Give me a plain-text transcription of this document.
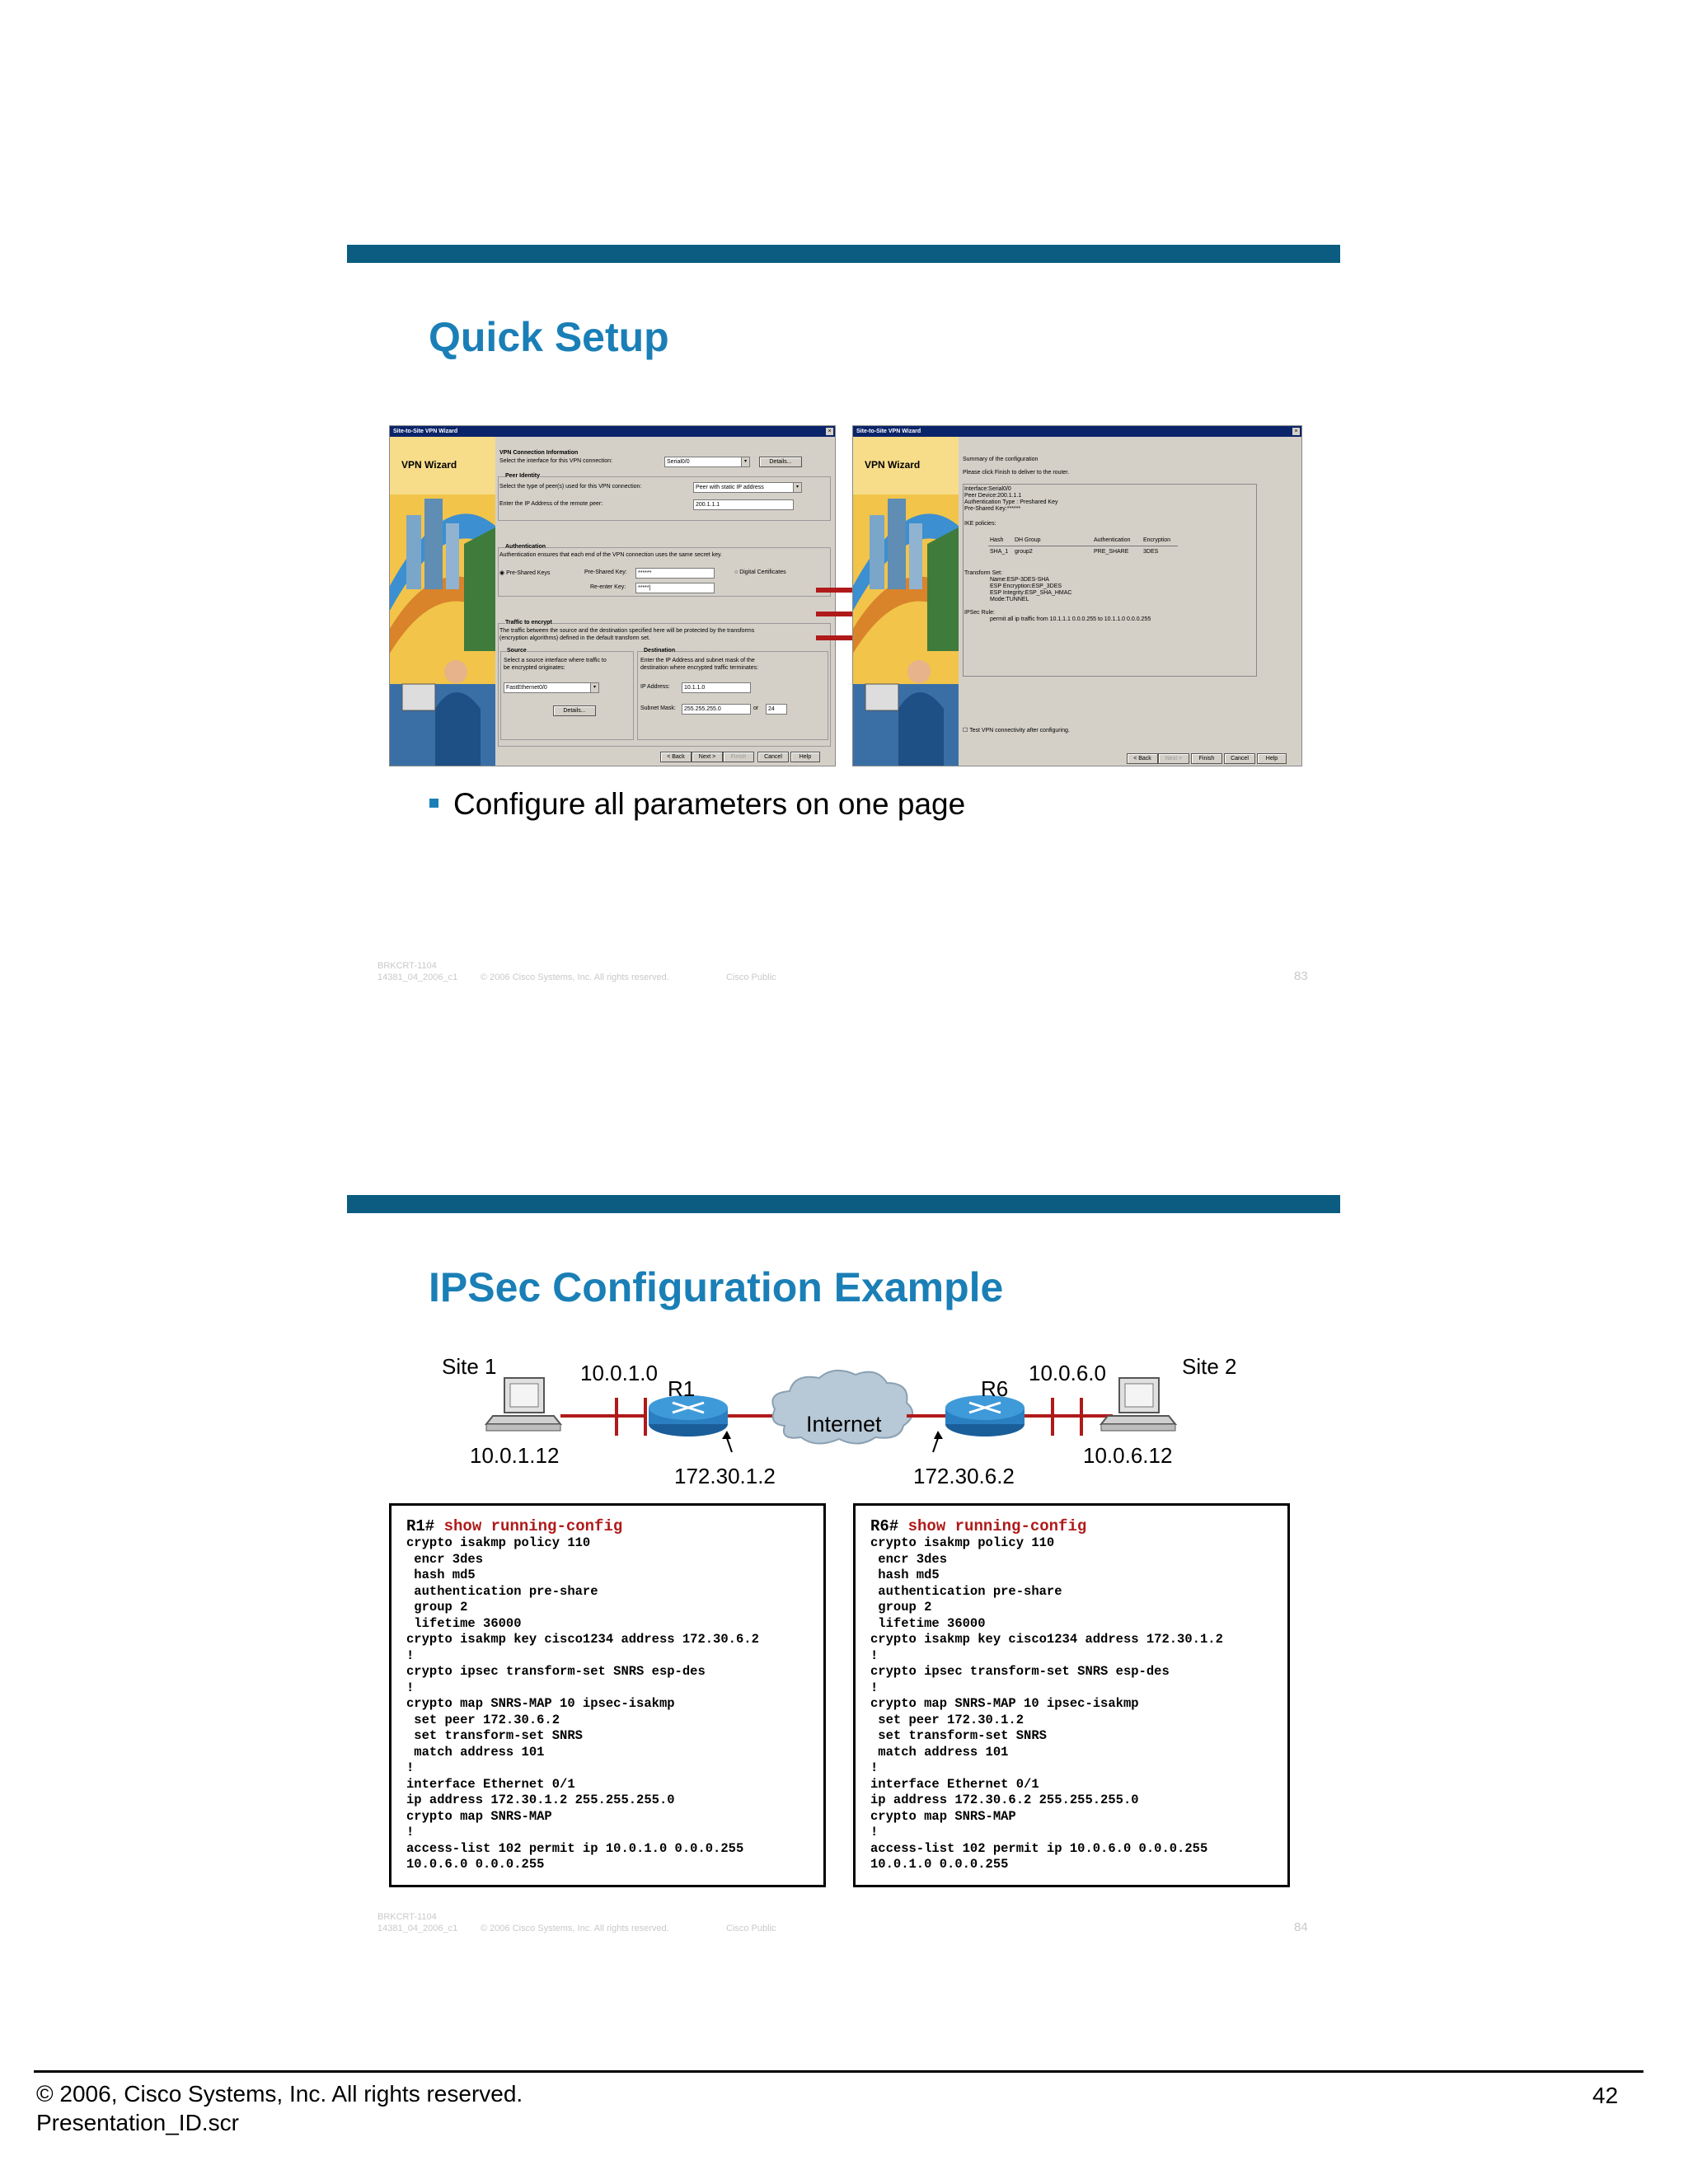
Quick Setup
Site-to-Site VPN Wizard	×
VPN Wizard
VPN Connection Information
Select the interface for this VPN connection:	Serial0/0	▾	Details...
Peer Identity
Select the type of peer(s) used for this VPN connection:	Peer with static IP address	▾
Enter the IP Address of the remote peer:	200.1.1.1
Authentication
Authentication ensures that each end of the VPN connection uses the same secret key.
◉ Pre-Shared Keys	Pre-Shared Key:	******	○ Digital Certificates
Re-enter Key:	*****|
Traffic to encrypt
The traffic between the source and the destination specified here will be protected by the transforms
(encryption algorithms) defined in the default transform set.
Source
Select a source interface where traffic to
be encrypted originates:
FastEthernet0/0	▾
Details...
Destination
Enter the IP Address and subnet mask of the
destination where encrypted traffic terminates:
IP Address:	10.1.1.0
Subnet Mask:	255.255.255.0	or	24
< Back	Next >	Finish	Cancel	Help
Site-to-Site VPN Wizard	×
VPN Wizard	Summary of the configuration
Please click Finish to deliver to the router.
Interface:Serial0/0
Peer Device:200.1.1.1
Authentication Type : Preshared Key
Pre-Shared Key:******
IKE policies:
Hash DH Group	Authentication Encryption
SHA_1 group2	PRE_SHARE	3DES
Transform Set:
Name:ESP-3DES-SHA
ESP Encryption:ESP_3DES
ESP Integrity:ESP_SHA_HMAC
Mode:TUNNEL
IPSec Rule:
permit all ip traffic from 10.1.1.1 0.0.0.255 to 10.1.1.0 0.0.0.255
☐ Test VPN connectivity after configuring.
< Back	Next >	Finish	Cancel	Help
Configure all parameters on one page
BRKCRT-1104
14381_04_2006_c1	© 2006 Cisco Systems, Inc. All rights reserved.	Cisco Public	83
IPSec Configuration Example
Site 1	10.0.1.0
R1	R6
10.0.6.0	Site 2
Internet
A	B
10.0.1.12	10.0.6.12
172.30.1.2	172.30.6.2
R1# show running-config
crypto isakmp policy 110
encr 3des
hash md5
authentication pre-share
group 2
lifetime 36000
crypto isakmp key cisco1234 address 172.30.6.2
!
crypto ipsec transform-set SNRS esp-des
!
crypto map SNRS-MAP 10 ipsec-isakmp
set peer 172.30.6.2
set transform-set SNRS
match address 101
!
interface Ethernet 0/1
ip address 172.30.1.2 255.255.255.0
crypto map SNRS-MAP
!
access-list 102 permit ip 10.0.1.0 0.0.0.255
10.0.6.0 0.0.0.255
R6# show running-config
crypto isakmp policy 110
encr 3des
hash md5
authentication pre-share
group 2
lifetime 36000
crypto isakmp key cisco1234 address 172.30.1.2
!
crypto ipsec transform-set SNRS esp-des
!
crypto map SNRS-MAP 10 ipsec-isakmp
set peer 172.30.1.2
set transform-set SNRS
match address 101
!
interface Ethernet 0/1
ip address 172.30.6.2 255.255.255.0
crypto map SNRS-MAP
!
access-list 102 permit ip 10.0.6.0 0.0.0.255
10.0.1.0 0.0.0.255
BRKCRT-1104
14381_04_2006_c1	© 2006 Cisco Systems, Inc. All rights reserved.	Cisco Public	84
© 2006, Cisco Systems, Inc. All rights reserved.
Presentation_ID.scr
42
